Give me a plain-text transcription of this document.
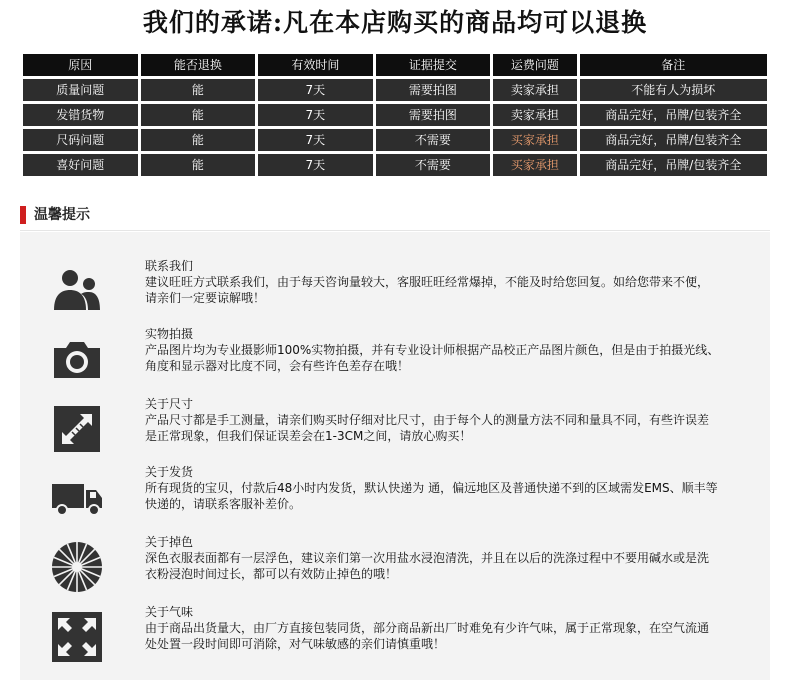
我们的承诺:凡在本店购买的商品均可以退换
原因	能否退换	有效时间	证据提交	运费问题	备注
质量问题	能	7天	需要拍图	卖家承担	不能有人为损坏
发错货物	能	7天	需要拍图	卖家承担	商品完好，吊牌/包装齐全
尺码问题	能	7天	不需要	买家承担	商品完好，吊牌/包装齐全
喜好问题	能	7天	不需要	买家承担	商品完好，吊牌/包装齐全
温馨提示
联系我们
建议旺旺方式联系我们，由于每天咨询量较大，客服旺旺经常爆掉，不能及时给您回复。如给您带来不便，请亲们一定要谅解哦！
实物拍摄
产品图片均为专业摄影师100%实物拍摄，并有专业设计师根据产品校正产品图片颜色，但是由于拍摄光线、角度和显示器对比度不同，会有些许色差存在哦！
关于尺寸
产品尺寸都是手工测量，请亲们购买时仔细对比尺寸，由于每个人的测量方法不同和量具不同，有些许误差是正常现象，但我们保证误差会在1-3CM之间，请放心购买！
关于发货
所有现货的宝贝，付款后48小时内发货，默认快递为 通，偏远地区及普通快递不到的区域需发EMS、顺丰等快递的，请联系客服补差价。
关于掉色
深色衣服表面都有一层浮色，建议亲们第一次用盐水浸泡清洗，并且在以后的洗涤过程中不要用碱水或是洗衣粉浸泡时间过长，都可以有效防止掉色的哦！
关于气味
由于商品出货量大，由厂方直接包装同货，部分商品新出厂时难免有少许气味，属于正常现象，在空气流通处处置一段时间即可消除，对气味敏感的亲们请慎重哦！
